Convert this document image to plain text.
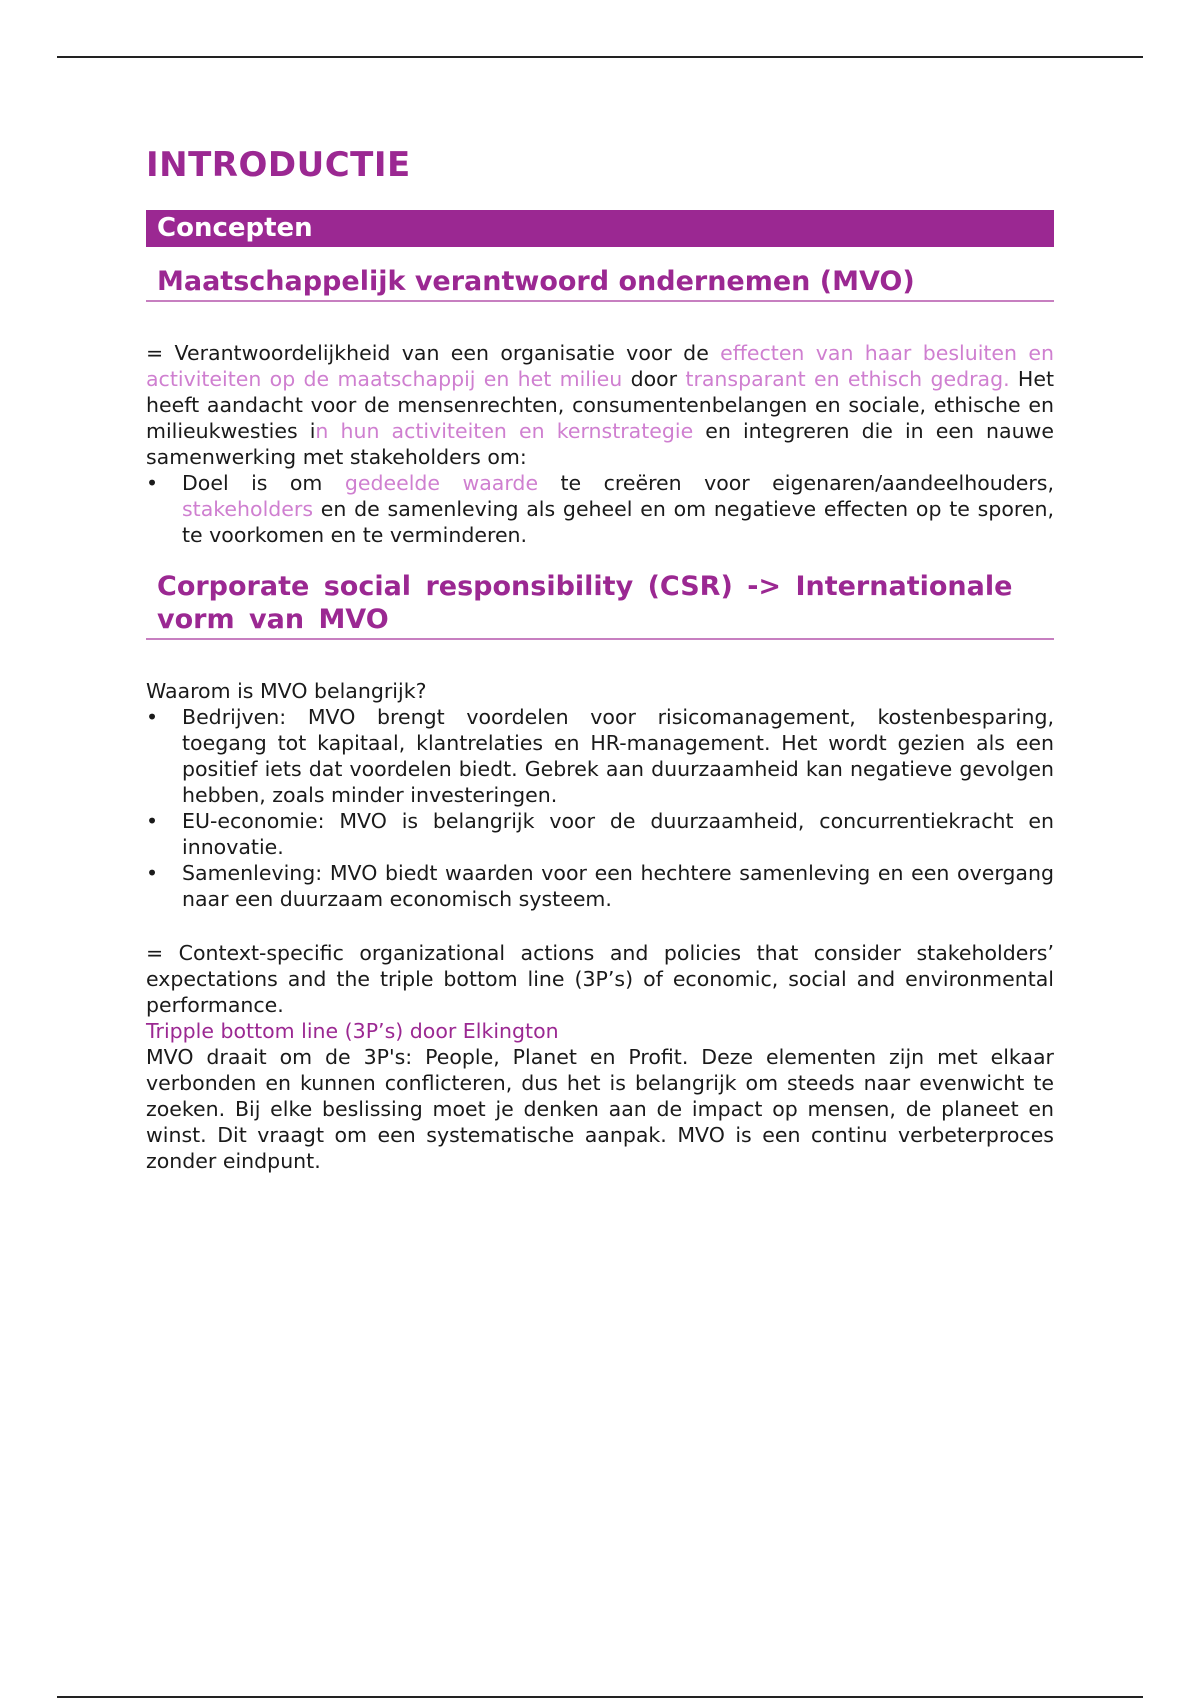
INTRODUCTIE
Concepten
Maatschappelijk verantwoord ondernemen (MVO)

= Verantwoordelijkheid van een organisatie voor de effecten van haar besluiten en activiteiten op de maatschappij en het milieu door transparant en ethisch gedrag. Het heeft aandacht voor de mensenrechten, consumentenbelangen en sociale, ethische en milieukwesties in hun activiteiten en kernstrategie en integreren die in een nauwe samenwerking met stakeholders om:

• Doel is om gedeelde waarde te creëren voor eigenaren/aandeelhouders, stakeholders en de samenleving als geheel en om negatieve effecten op te sporen, te voorkomen en te verminderen.
Corporate social responsibility (CSR) -> Internationale vorm van MVO

Waarom is MVO belangrijk?

• Bedrijven: MVO brengt voordelen voor risicomanagement, kostenbesparing, toegang tot kapitaal, klantrelaties en HR-management. Het wordt gezien als een positief iets dat voordelen biedt. Gebrek aan duurzaamheid kan negatieve gevolgen hebben, zoals minder investeringen.
• EU-economie: MVO is belangrijk voor de duurzaamheid, concurrentiekracht en innovatie.
• Samenleving: MVO biedt waarden voor een hechtere samenleving en een overgang naar een duurzaam economisch systeem.

= Context-specific organizational actions and policies that consider stakeholders’ expectations and the triple bottom line (3P’s) of economic, social and environmental performance.

Tripple bottom line (3P’s) door Elkington

MVO draait om de 3P's: People, Planet en Profit. Deze elementen zijn met elkaar verbonden en kunnen conflicteren, dus het is belangrijk om steeds naar evenwicht te zoeken. Bij elke beslissing moet je denken aan de impact op mensen, de planeet en winst. Dit vraagt om een systematische aanpak. MVO is een continu verbeterproces zonder eindpunt.
